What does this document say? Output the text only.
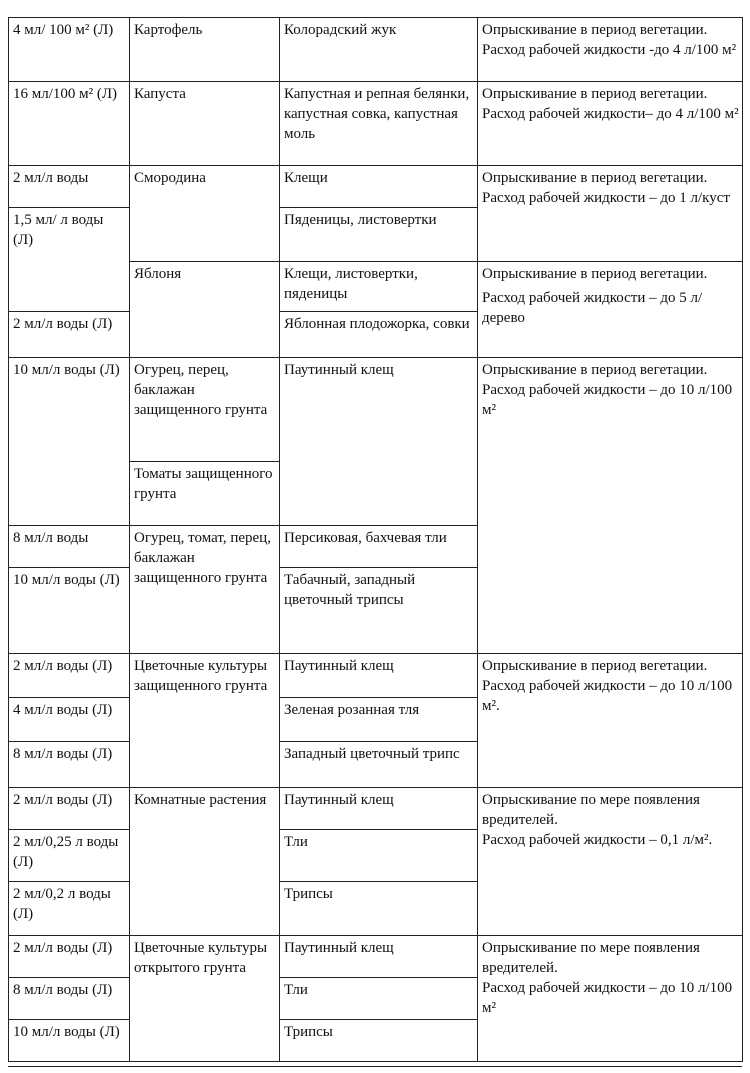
4 мл/ 100 м² (Л)	Картофель	Колорадский жук	Опрыскивание в период вегетации. Расход рабочей жидкости -до 4 л/100 м²

16 мл/100 м² (Л)	Капуста	Капустная и репная белянки, капустная совка, капустная моль	Опрыскивание в период вегетации.
Расход рабочей жидкости– до 4 л/100 м²

2 мл/л воды	Смородина	Клещи	Опрыскивание в период вегетации.
Расход рабочей жидкости – до 1 л/куст

1,5 мл/ л воды (Л)		Пяденицы, листовертки	
	Яблоня	Клещи, листовертки, пяденицы	Опрыскивание в период вегетации.
Расход рабочей жидкости – до 5 л/дерево

2 мл/л воды (Л)		Яблонная плодожорка, совки	
10 мл/л воды (Л)	Огурец, перец, баклажан защищенного грунта	Паутинный клещ	Опрыскивание в период вегетации.
Расход рабочей жидкости – до 10 л/100 м²

	Томаты защищенного грунта		
8 мл/л воды	Огурец, томат, перец, баклажан защищенного грунта	Персиковая, бахчевая тли	
10 мл/л воды (Л)		Табачный, западный цветочный трипсы	
2 мл/л воды (Л)	Цветочные культуры защищенного грунта	Паутинный клещ	Опрыскивание в период вегетации.
Расход рабочей жидкости – до 10 л/100 м².

4 мл/л воды (Л)		Зеленая розанная тля	
8 мл/л воды (Л)		Западный цветочный трипс	
2 мл/л воды (Л)	Комнатные растения	Паутинный клещ	Опрыскивание по мере появления вредителей.
Расход рабочей жидкости – 0,1 л/м².

2 мл/0,25 л воды (Л)		Тли	
2 мл/0,2 л воды (Л)		Трипсы	
2 мл/л воды (Л)	Цветочные культуры открытого грунта	Паутинный клещ	Опрыскивание по мере появления вредителей.
Расход рабочей жидкости – до 10 л/100 м²

8 мл/л воды (Л)		Тли	
10 мл/л воды (Л)		Трипсы	
